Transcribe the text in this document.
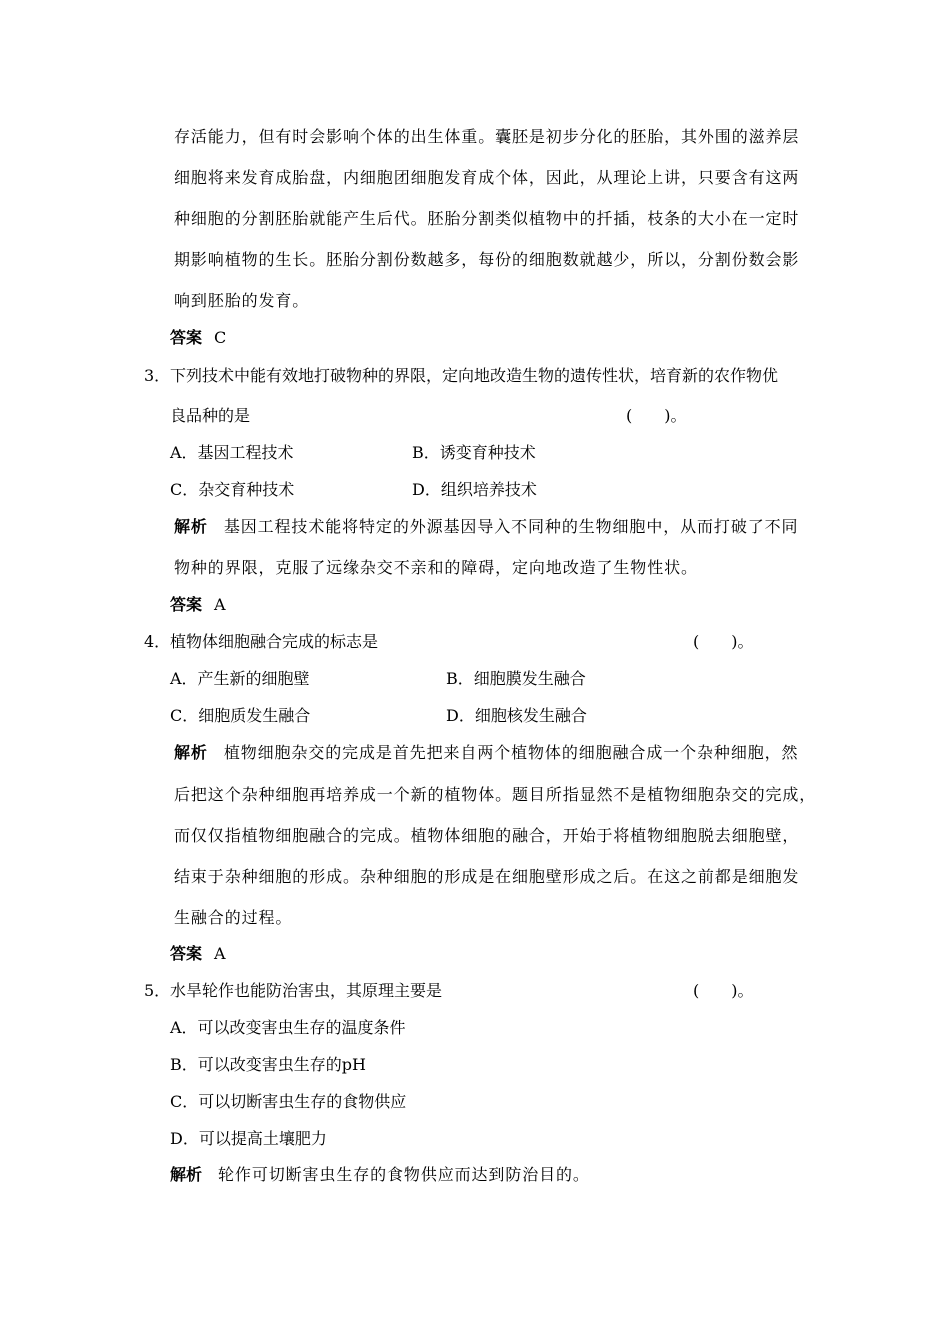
存活能力，但有时会影响个体的出生体重。囊胚是初步分化的胚胎，其外围的滋养层
细胞将来发育成胎盘，内细胞团细胞发育成个体，因此，从理论上讲，只要含有这两
种细胞的分割胚胎就能产生后代。胚胎分割类似植物中的扦插，枝条的大小在一定时
期影响植物的生长。胚胎分割份数越多，每份的细胞数就越少，所以，分割份数会影
响到胚胎的发育。
答案 C
3．下列技术中能有效地打破物种的界限，定向地改造生物的遗传性状，培育新的农作物优
良品种的是	(　　)。
A．基因工程技术	B．诱变育种技术
C．杂交育种技术	D．组织培养技术
解析 基因工程技术能将特定的外源基因导入不同种的生物细胞中，从而打破了不同
物种的界限，克服了远缘杂交不亲和的障碍，定向地改造了生物性状。
答案 A
4．植物体细胞融合完成的标志是	(　　)。
A．产生新的细胞壁	B．细胞膜发生融合
C．细胞质发生融合	D．细胞核发生融合
解析 植物细胞杂交的完成是首先把来自两个植物体的细胞融合成一个杂种细胞，然
后把这个杂种细胞再培养成一个新的植物体。题目所指显然不是植物细胞杂交的完成，
而仅仅指植物细胞融合的完成。植物体细胞的融合，开始于将植物细胞脱去细胞壁，
结束于杂种细胞的形成。杂种细胞的形成是在细胞壁形成之后。在这之前都是细胞发
生融合的过程。
答案 A
5．水旱轮作也能防治害虫，其原理主要是	(　　)。
A．可以改变害虫生存的温度条件
B．可以改变害虫生存的pH
C．可以切断害虫生存的食物供应
D．可以提高土壤肥力
解析 轮作可切断害虫生存的食物供应而达到防治目的。
